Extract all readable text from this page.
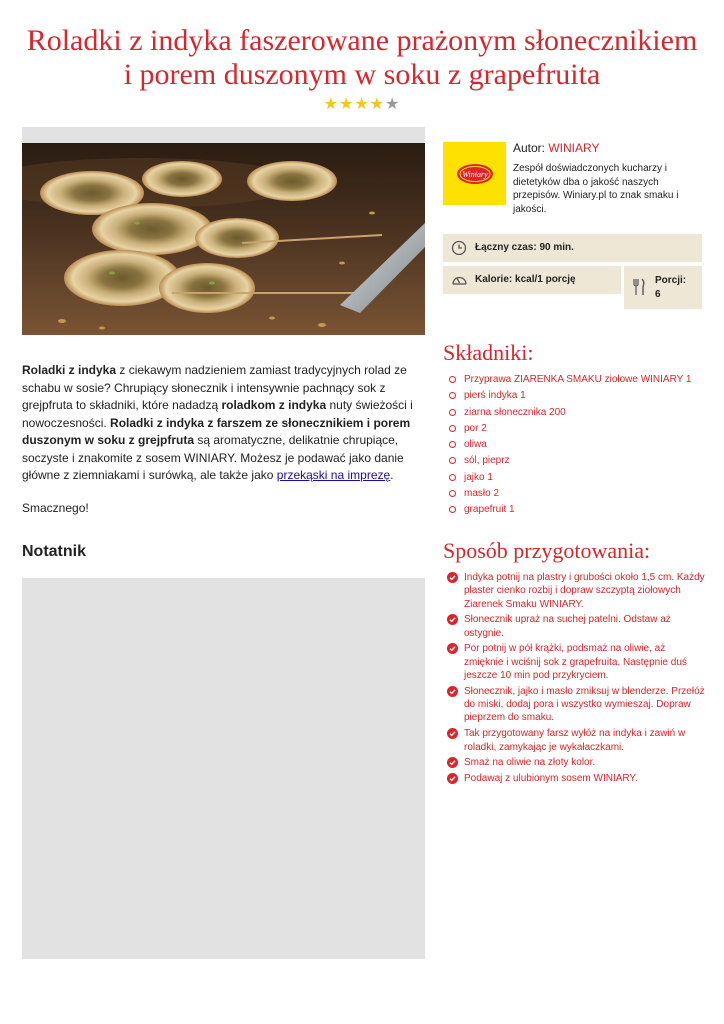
Roladki z indyka faszerowane prażonym słonecznikiem
i porem duszonym w soku z grapefruita
★★★★★

Roladki z indyka z ciekawym nadzieniem zamiast tradycyjnych rolad ze schabu w sosie? Chrupiący słonecznik i intensywnie pachnący sok z grejpfruta to składniki, które nadadzą roladkom z indyka nuty świeżości i nowoczesności. Roladki z indyka z farszem ze słonecznikiem i porem duszonym w soku z grejpfruta są aromatyczne, delikatnie chrupiące, soczyste i znakomite z sosem WINIARY. Możesz je podawać jako danie główne z ziemniakami i surówką, ale także jako przekąski na imprezę.

Smacznego!

Notatnik
Winiary
Autor: WINIARY
Zespół doświadczonych kucharzy i dietetyków dba o jakość naszych przepisów. Winiary.pl to znak smaku i jakości.
Łączny czas: 90 min.
Kalorie: kcal/1 porcję	Porcji:
6
Składniki:
Przyprawa ZIARENKA SMAKU ziołowe WINIARY 1
pierś indyka 1
ziarna słonecznika 200
por 2
oliwa
sól, pieprz
jajko 1
masło 2
grapefruit 1
Sposób przygotowania:
Indyka potnij na plastry i grubości około 1,5 cm. Każdy plaster cienko rozbij i dopraw szczyptą ziołowych Ziarenek Smaku WINIARY.
Słonecznik upraż na suchej patelni. Odstaw aż ostygnie.
Por potnij w pół krążki, podsmaż na oliwie, aż zmięknie i wciśnij sok z grapefruita. Następnie duś jeszcze 10 min pod przykryciem.
Słonecznik, jajko i masło zmiksuj w blenderze. Przełóż do miski, dodaj pora i wszystko wymieszaj. Dopraw pieprzem do smaku.
Tak przygotowany farsz wyłóż na indyka i zawiń w roladki, zamykając je wykałaczkami.
Smaż na oliwie na złoty kolor.
Podawaj z ulubionym sosem WINIARY.
